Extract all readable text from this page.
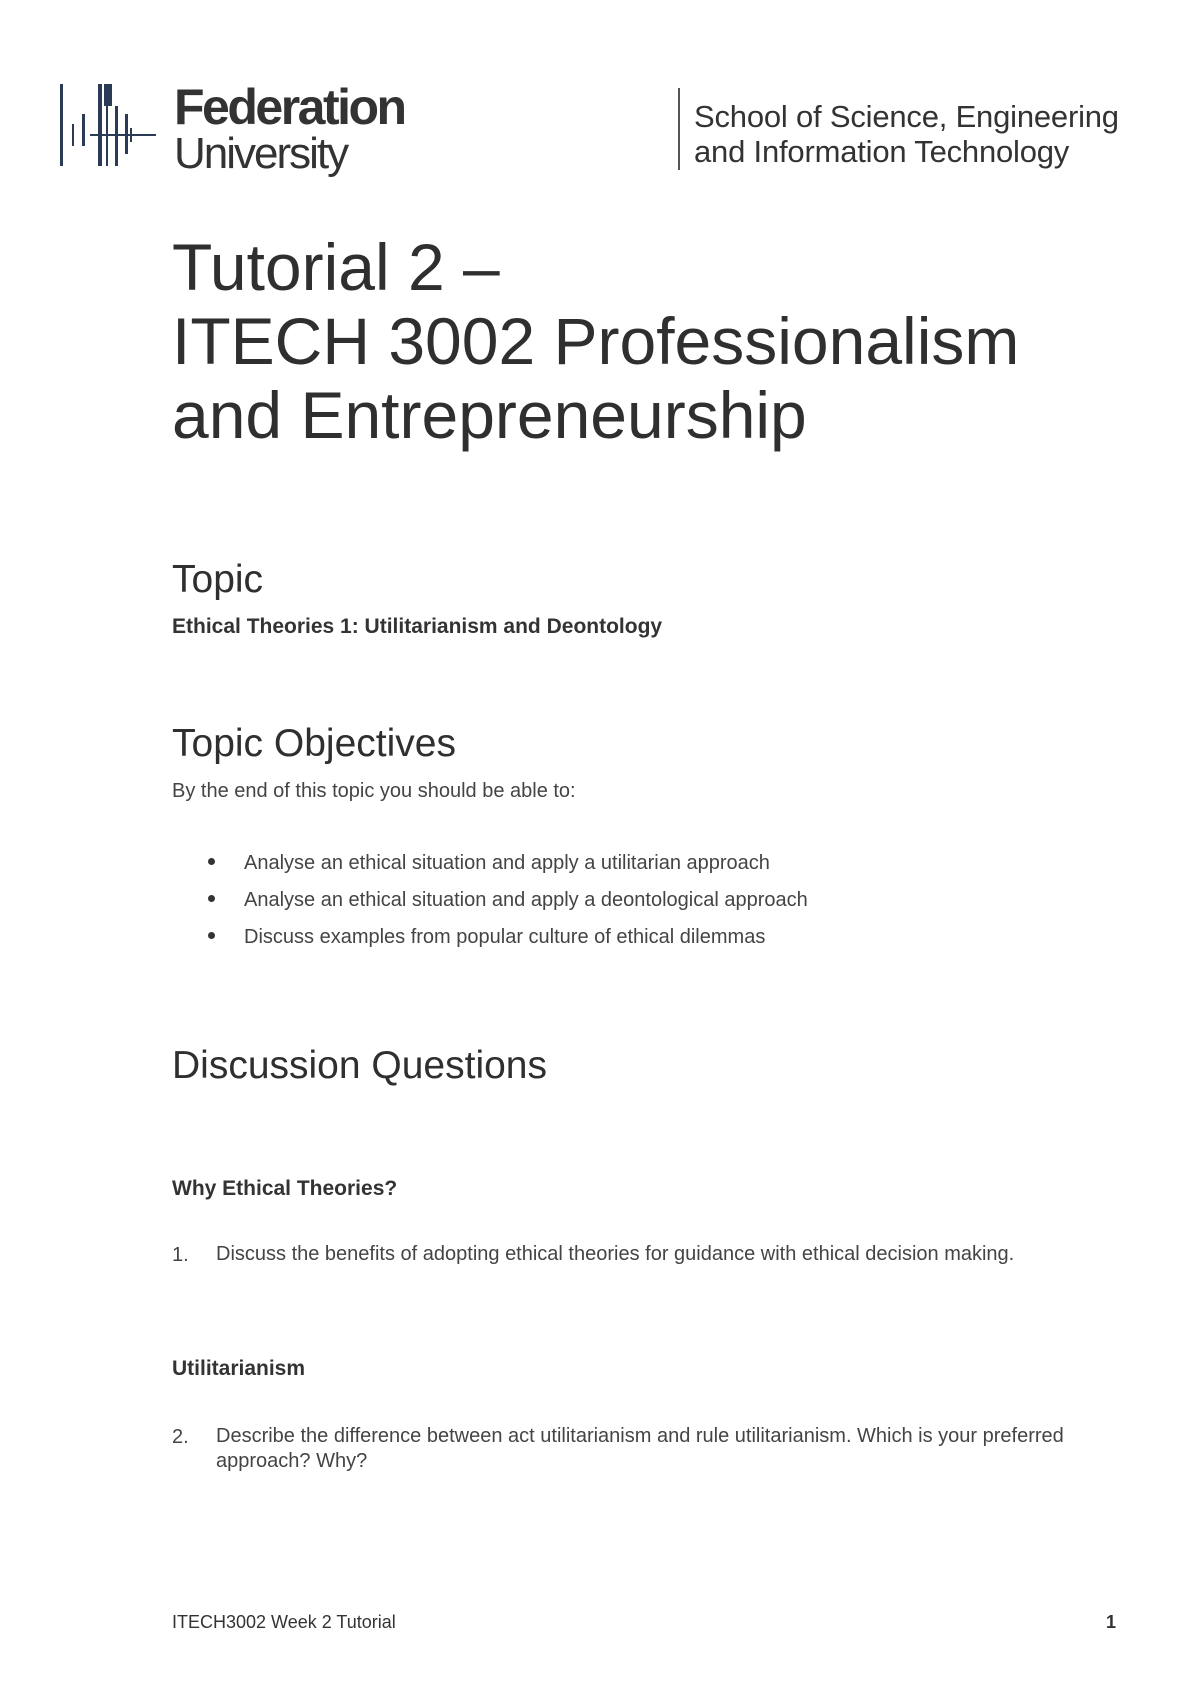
Federation
University
School of Science, Engineering
and Information Technology
Tutorial 2 –
ITECH 3002 Professionalism
and Entrepreneurship
Topic
Ethical Theories 1: Utilitarianism and Deontology
Topic Objectives
By the end of this topic you should be able to:
Analyse an ethical situation and apply a utilitarian approach
Analyse an ethical situation and apply a deontological approach
Discuss examples from popular culture of ethical dilemmas
Discussion Questions
Why Ethical Theories?
1. Discuss the benefits of adopting ethical theories for guidance with ethical decision making.
Utilitarianism
2. Describe the difference between act utilitarianism and rule utilitarianism. Which is your preferred approach? Why?
ITECH3002 Week 2 Tutorial	1
